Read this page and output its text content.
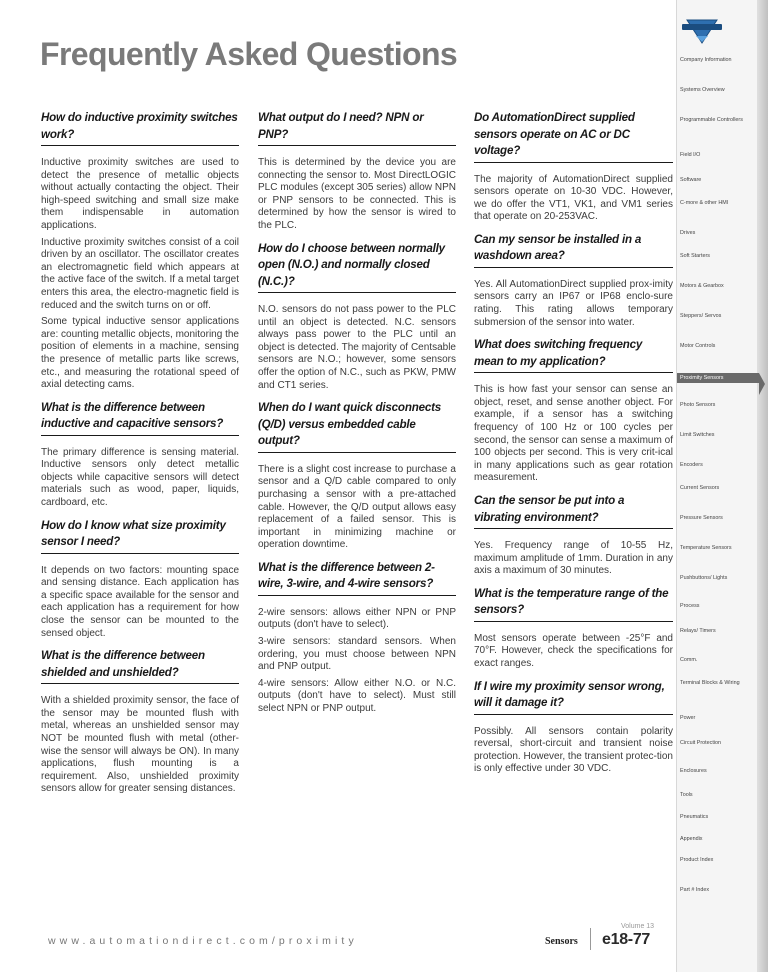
Frequently Asked Questions
How do inductive proximity switches work?

Inductive proximity switches are used to detect the presence of metallic objects without actually contacting the object. Their high-speed switching and small size make them indispensable in automation applications.

Inductive proximity switches consist of a coil driven by an oscillator. The oscillator creates an electromagnetic field which appears at the active face of the switch. If a metal target enters this area, the electro-magnetic field is reduced and the switch turns on or off.

Some typical inductive sensor applications are: counting metallic objects, monitoring the position of elements in a machine, sensing the presence of metallic parts like screws, etc., and measuring the rotational speed of axial detecting cams.

What is the difference between inductive and capacitive sensors?

The primary difference is sensing material. Inductive sensors only detect metallic objects while capacitive sensors will detect materials such as wood, paper, liquids, cardboard, etc.

How do I know what size proximity sensor I need?

It depends on two factors: mounting space and sensing distance. Each application has a specific space available for the sensor and each application has a requirement for how close the sensor can be mounted to the sensed object.

What is the difference between shielded and unshielded?

With a shielded proximity sensor, the face of the sensor may be mounted flush with metal, whereas an unshielded sensor may NOT be mounted flush with metal (other-wise the sensor will always be ON). In many applications, flush mounting is a requirement. Also, unshielded proximity sensors allow for greater sensing distances.

What output do I need? NPN or PNP?

This is determined by the device you are connecting the sensor to. Most DirectLOGIC PLC modules (except 305 series) allow NPN or PNP sensors to be connected. This is determined by how the sensor is wired to the PLC.

How do I choose between normally open (N.O.) and normally closed (N.C.)?

N.O. sensors do not pass power to the PLC until an object is detected. N.C. sensors always pass power to the PLC until an object is detected. The majority of Centsable sensors are N.O.; however, some sensors offer the option of N.C., such as PKW, PMW and CT1 series.

When do I want quick disconnects (Q/D) versus embedded cable output?

There is a slight cost increase to purchase a sensor and a Q/D cable compared to only purchasing a sensor with a pre-attached cable. However, the Q/D output allows easy replacement of a failed sensor. This is important in minimizing machine or operation downtime.

What is the difference between 2-wire, 3-wire, and 4-wire sensors?

2-wire sensors: allows either NPN or PNP outputs (don't have to select).

3-wire sensors: standard sensors. When ordering, you must choose between NPN and PNP output.

4-wire sensors: Allow either N.O. or N.C. outputs (don't have to select). Must still select NPN or PNP output.

Do AutomationDirect supplied sensors operate on AC or DC voltage?

The majority of AutomationDirect supplied sensors operate on 10-30 VDC. However, we do offer the VT1, VK1, and VM1 series that operate on 20-253VAC.

Can my sensor be installed in a washdown area?

Yes. All AutomationDirect supplied prox-imity sensors carry an IP67 or IP68 enclo-sure rating. This rating allows temporary submersion of the sensor into water.

What does switching frequency mean to my application?

This is how fast your sensor can sense an object, reset, and sense another object. For example, if a sensor has a switching frequency of 100 Hz or 100 cycles per second, the sensor can sense a maximum of 100 objects per second. This is very crit-ical in many applications such as gear rotation measurement.

Can the sensor be put into a vibrating environment?

Yes. Frequency range of 10-55 Hz, maximum amplitude of 1mm. Duration in any axis a maximum of 30 minutes.

What is the temperature range of the sensors?

Most sensors operate between -25°F and 70°F. However, check the specifications for exact ranges.

If I wire my proximity sensor wrong, will it damage it?

Possibly. All sensors contain polarity reversal, short-circuit and transient noise protection. However, the transient protec-tion is only effective under 30 VDC.

Company Information
Systems Overview
Programmable Controllers
Field I/O
Software
C-more & other HMI
Drives
Soft Starters
Motors & Gearbox
Steppers/ Servos
Motor Controls
Proximity Sensors
Photo Sensors
Limit Switches
Encoders
Current Sensors
Pressure Sensors
Temperature Sensors
Pushbuttons/ Lights
Process
Relays/ Timers
Comm.
Terminal Blocks & Wiring
Power
Circuit Protection
Enclosures
Tools
Pneumatics
Appendix
Product Index
Part # Index
www.automationdirect.com/proximity	Sensors
Volume 13
e18-77
